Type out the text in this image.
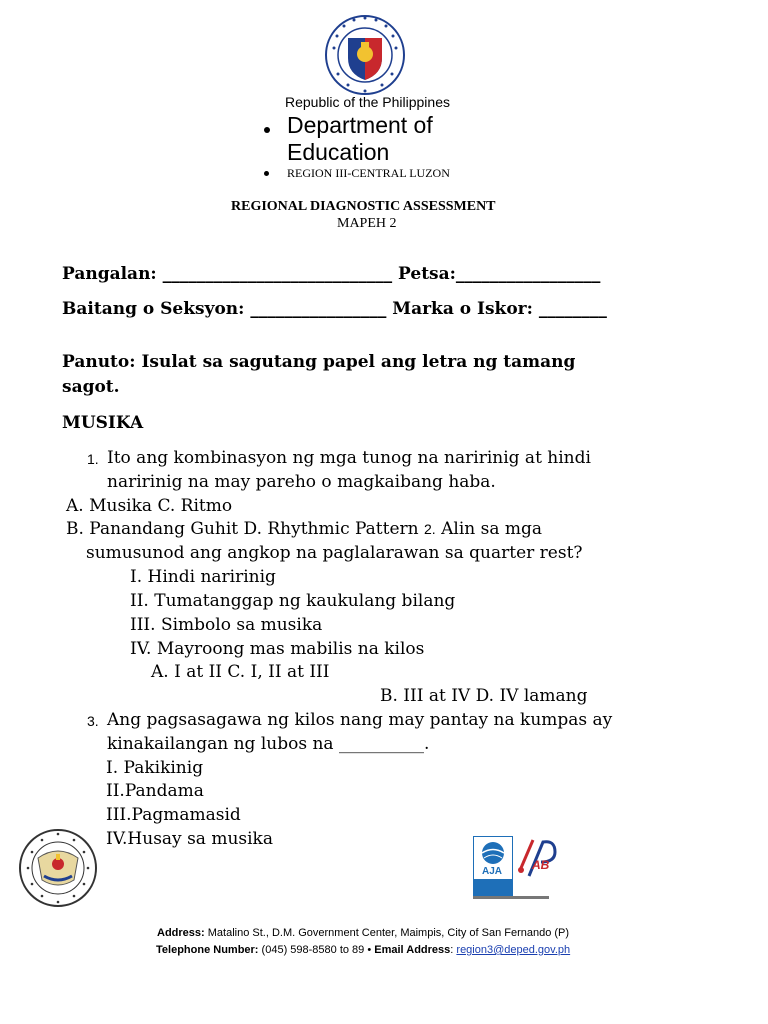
Republic of the Philippines
Department of
Education
REGION III-CENTRAL LUZON
REGIONAL DIAGNOSTIC ASSESSMENT
MAPEH 2
Pangalan: ___________________________ Petsa:_________________
Baitang o Seksyon: ________________ Marka o Iskor: ________
Panuto: Isulat sa sagutang papel ang letra ng tamang
sagot.
MUSIKA
1. Ito ang kombinasyon ng mga tunog na naririnig at hindi
naririnig na may pareho o magkaibang haba.
A. Musika C. Ritmo
B. Panandang Guhit D. Rhythmic Pattern 2. Alin sa mga
sumusunod ang angkop na paglalarawan sa quarter rest?
I. Hindi naririnig
II. Tumatanggap ng kaukulang bilang
III. Simbolo sa musika
IV. Mayroong mas mabilis na kilos
A. I at II C. I, II at III
B. III at IV D. IV lamang
3. Ang pagsasagawa ng kilos nang may pantay na kumpas ay
kinakailangan ng lubos na __________.
I. Pakikinig
II.Pandama
III.Pagmamasid
IV.Husay sa musika
AJA AB
Address: Matalino St., D.M. Government Center, Maimpis, City of San Fernando (P)
Telephone Number: (045) 598-8580 to 89 • Email Address: region3@deped.gov.ph
